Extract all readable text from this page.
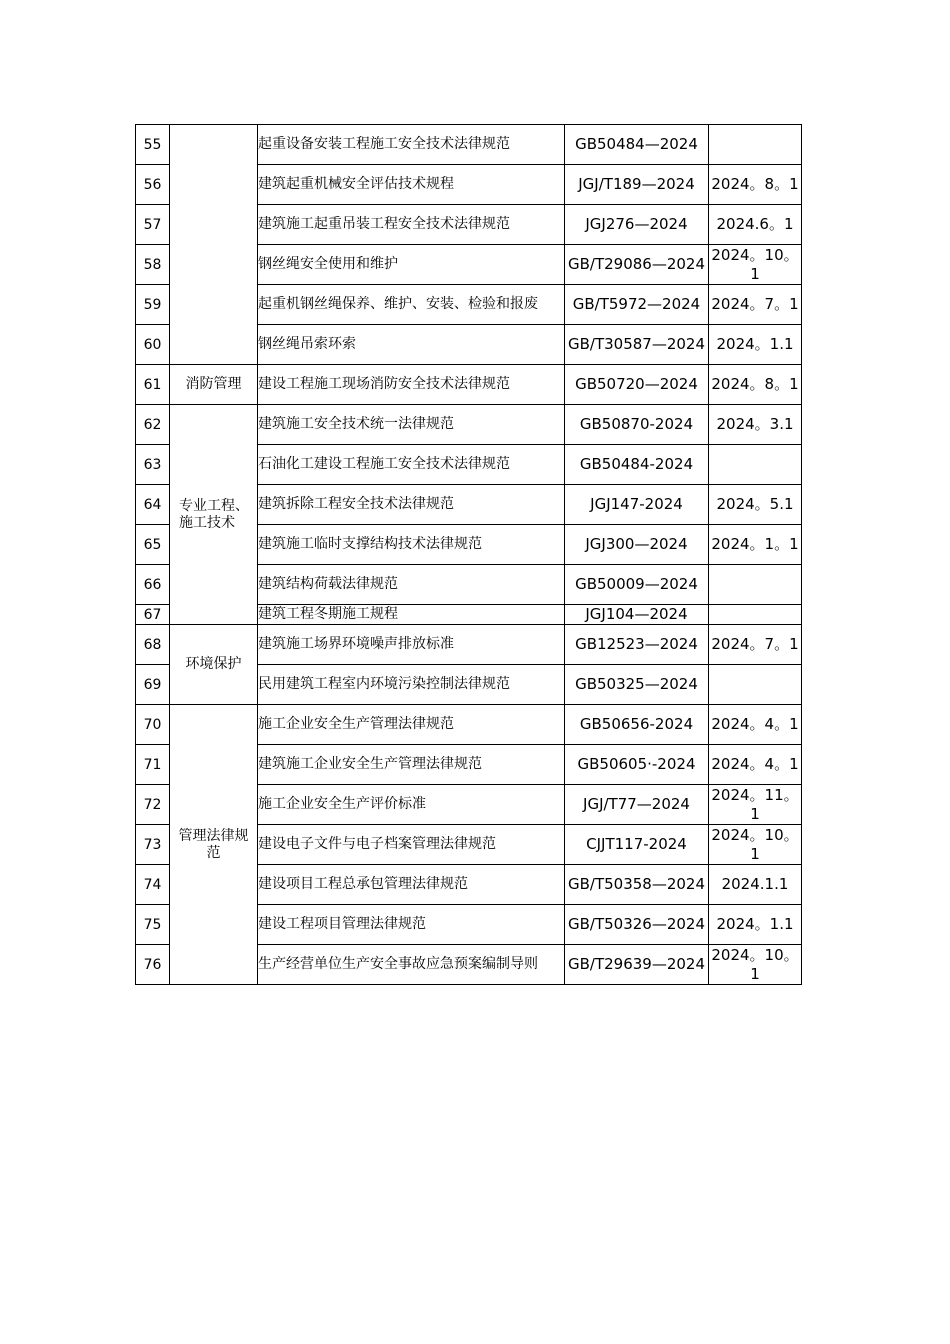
55		起重设备安装工程施工安全技术法律规范	GB50484—2024	
56		建筑起重机械安全评估技术规程	JGJ/T189—2024	2024。8。1
57		建筑施工起重吊装工程安全技术法律规范	JGJ276—2024	2024.6。1
58		钢丝绳安全使用和维护	GB/T29086—2024	2024。10。1
59		起重机钢丝绳保养、维护、安装、检验和报废	GB/T5972—2024	2024。7。1
60		钢丝绳吊索环索	GB/T30587—2024	2024。1.1
61	消防管理	建设工程施工现场消防安全技术法律规范	GB50720—2024	2024。8。1
62	专业工程、施工技术	建筑施工安全技术统一法律规范	GB50870-2024	2024。3.1
63		石油化工建设工程施工安全技术法律规范	GB50484-2024	
64		建筑拆除工程安全技术法律规范	JGJ147-2024	2024。5.1
65		建筑施工临时支撑结构技术法律规范	JGJ300—2024	2024。1。1
66		建筑结构荷载法律规范	GB50009—2024	
67		建筑工程冬期施工规程	JGJ104—2024	
68	环境保护	建筑施工场界环境噪声排放标准	GB12523—2024	2024。7。1
69		民用建筑工程室内环境污染控制法律规范	GB50325—2024	
70	管理法律规范	施工企业安全生产管理法律规范	GB50656-2024	2024。4。1
71		建筑施工企业安全生产管理法律规范	GB50605·-2024	2024。4。1
72		施工企业安全生产评价标准	JGJ/T77—2024	2024。11。1
73		建设电子文件与电子档案管理法律规范	CJJT117-2024	2024。10。1
74		建设项目工程总承包管理法律规范	GB/T50358—2024	2024.1.1
75		建设工程项目管理法律规范	GB/T50326—2024	2024。1.1
76		生产经营单位生产安全事故应急预案编制导则	GB/T29639—2024	2024。10。1
